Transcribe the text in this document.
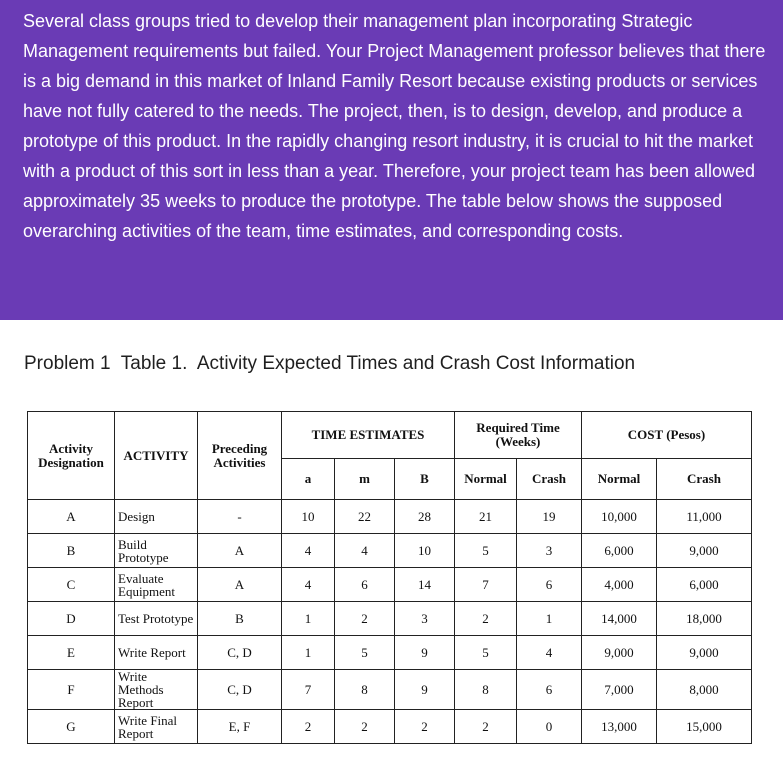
Several class groups tried to develop their management plan incorporating Strategic Management requirements but failed. Your Project Management professor believes that there is a big demand in this market of Inland Family Resort because existing products or services have not fully catered to the needs. The project, then, is to design, develop, and produce a prototype of this product. In the rapidly changing resort industry, it is crucial to hit the market with a product of this sort in less than a year. Therefore, your project team has been allowed approximately 35 weeks to produce the prototype. The table below shows the supposed overarching activities of the team, time estimates, and corresponding costs.

Problem 1  Table 1.  Activity Expected Times and Crash Cost Information
Activity Designation	ACTIVITY	Preceding Activities	TIME ESTIMATES			Required Time (Weeks)		COST (Pesos)	
			a	m	B	Normal	Crash	Normal	Crash
A	Design	-	10	22	28	21	19	10,000	11,000
B	Build Prototype	A	4	4	10	5	3	6,000	9,000
C	Evaluate Equipment	A	4	6	14	7	6	4,000	6,000
D	Test Prototype	B	1	2	3	2	1	14,000	18,000
E	Write Report	C, D	1	5	9	5	4	9,000	9,000
F	Write Methods Report	C, D	7	8	9	8	6	7,000	8,000
G	Write Final Report	E, F	2	2	2	2	0	13,000	15,000
